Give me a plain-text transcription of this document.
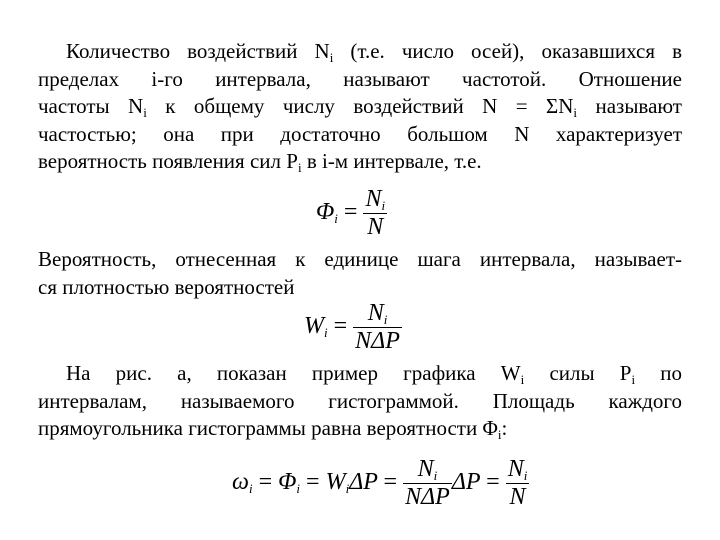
Количество воздействий $N_i$ (т.е. число осей), оказавшихся в
пределах i-го интервала, называют частотой. Отношение
частоты $N_i$ к общему числу воздействий $N = \Sigma N_i$ называют
частостью; она при достаточно большом N характеризует
вероятность появления сил $P_i$ в i-м интервале, т.е.
$\Phi i = \frac{Ni}{N}$
Вероятность, отнесенная к единице шага интервала, называет-
ся плотностью вероятностей
$Wi = \frac{Ni}{\text{NΔP}}$
На рис. а, показан пример графика $W_i$ силы $P_i$ по
интервалам, называемого гистограммой. Площадь каждого
прямоугольника гистограммы равна вероятности $\Phi_i$:
$\omega i = \Phi i = Wi\Delta P = \frac{Ni}{\text{NΔP}}$ $\Delta P = \frac{Ni}{N}$
